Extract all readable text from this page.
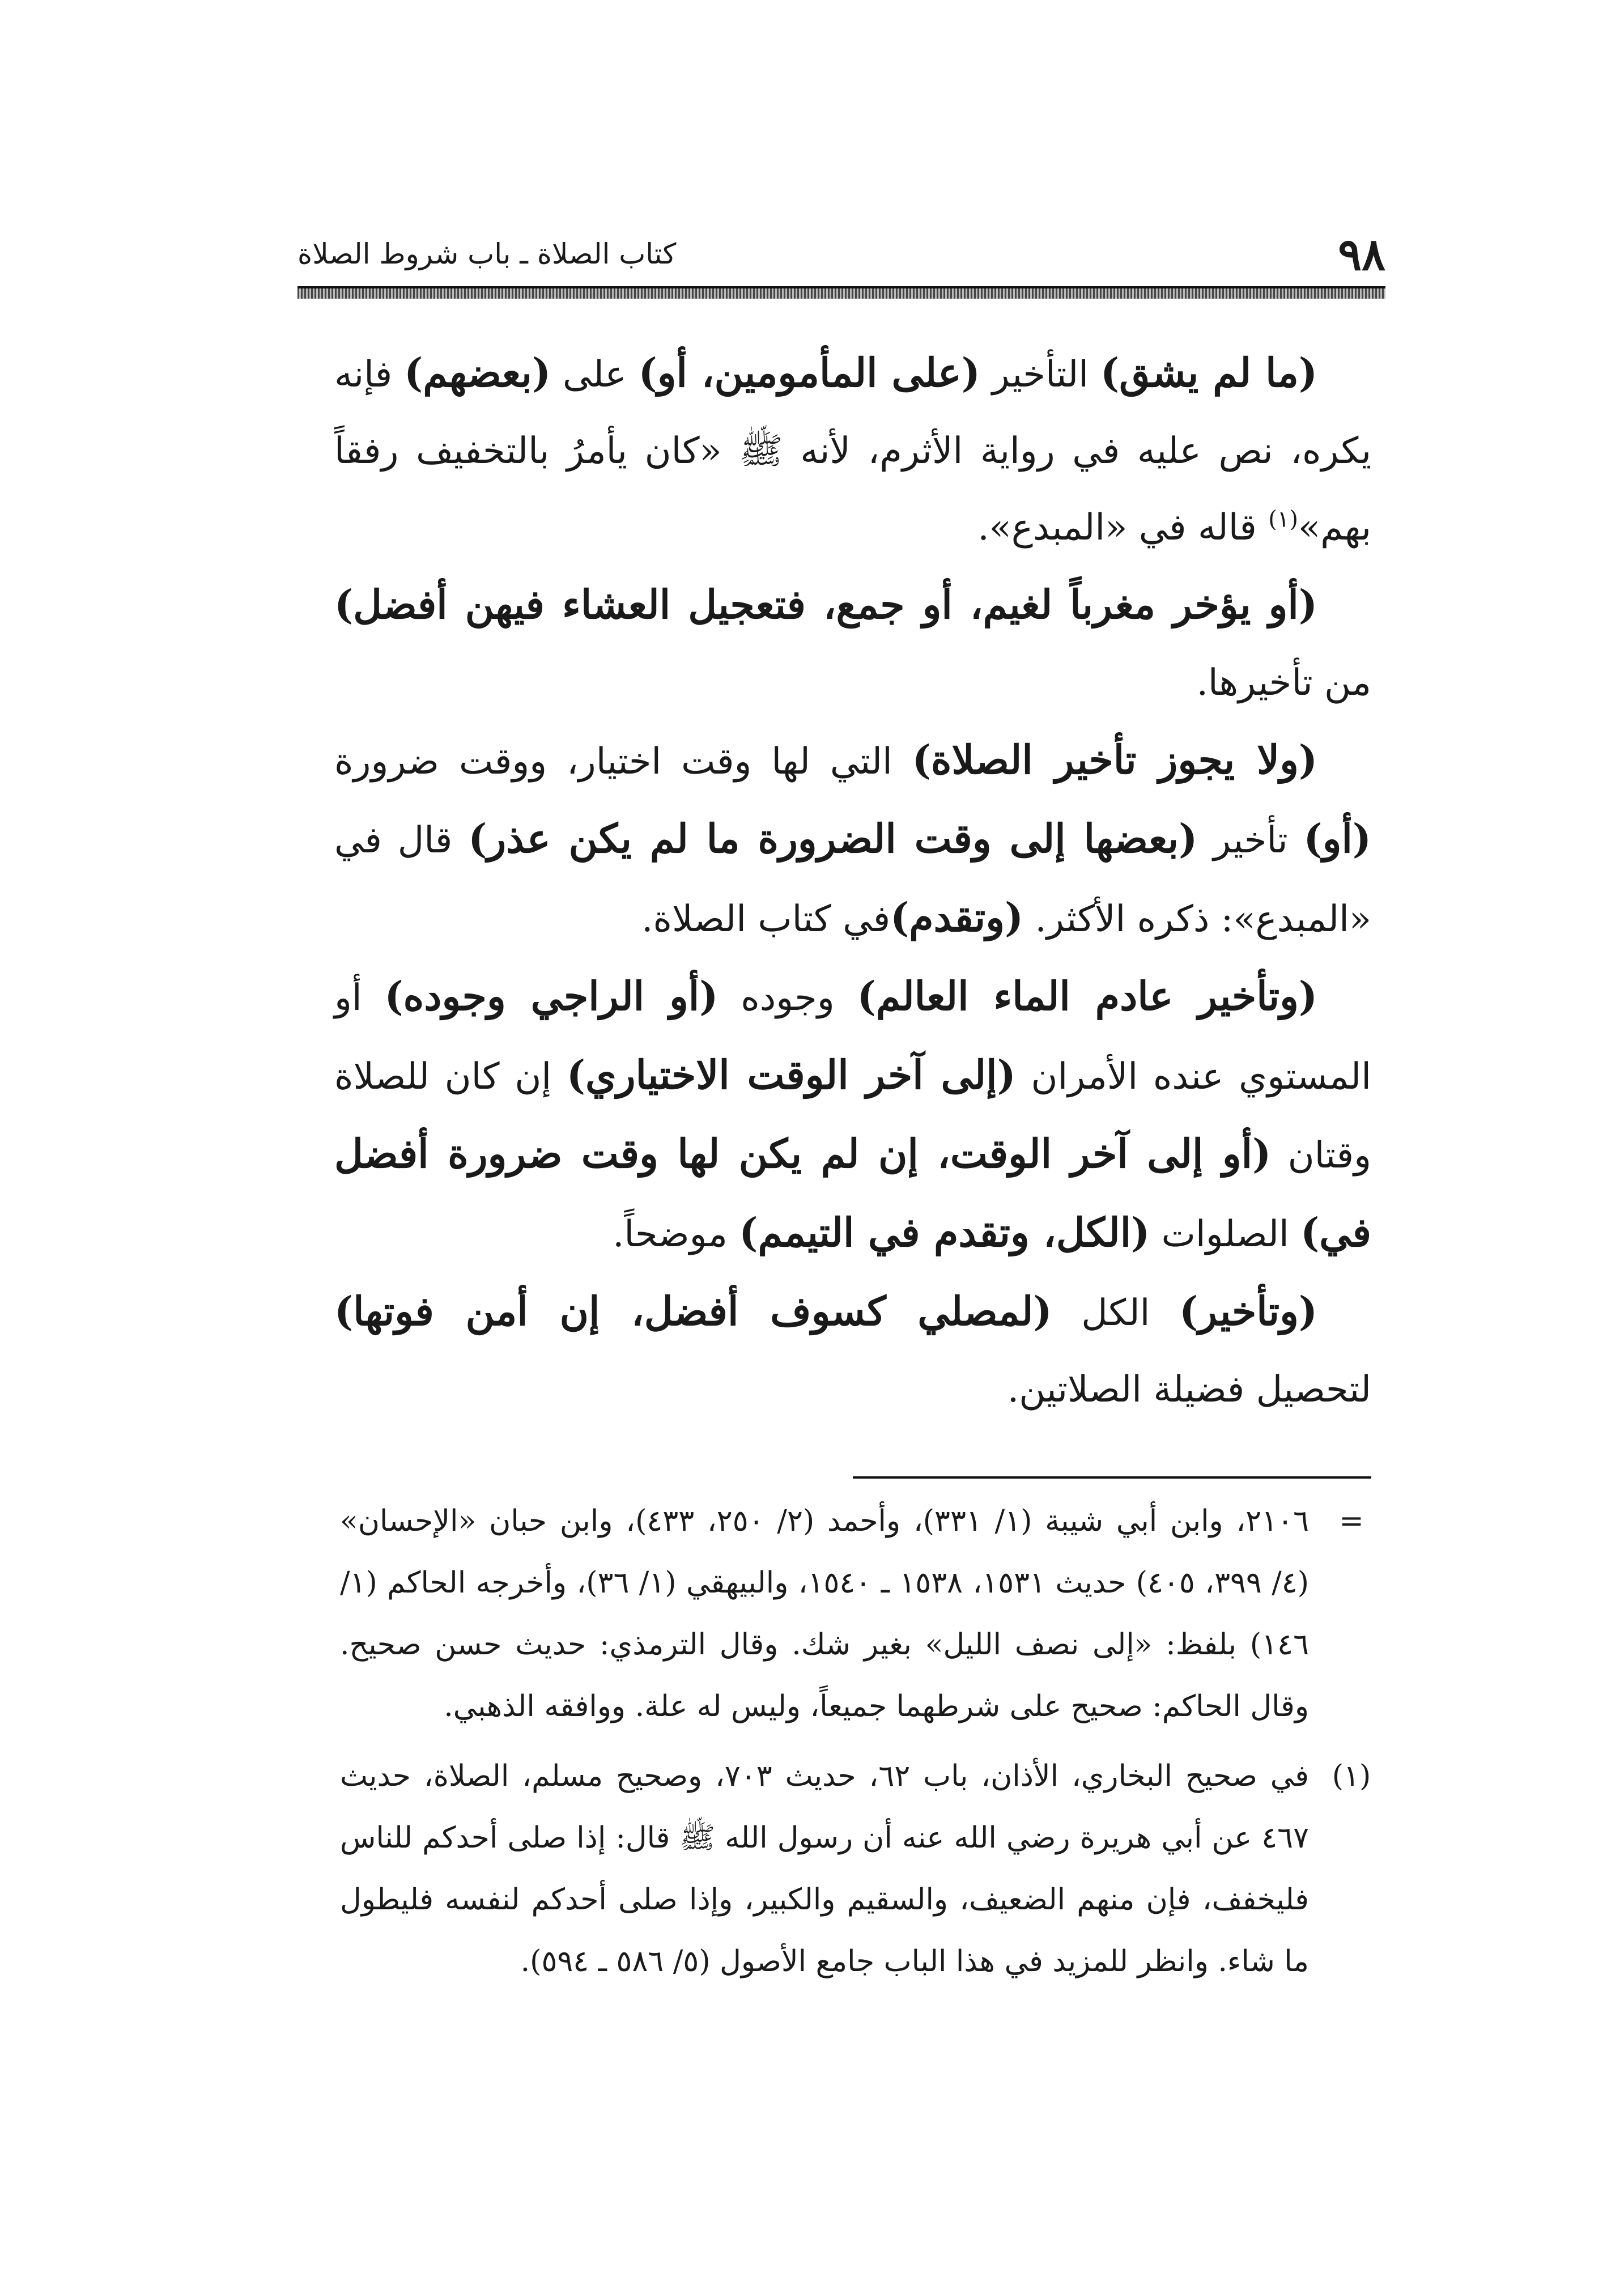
٩٨
كتاب الصلاة ـ باب شروط الصلاة

(ما لم يشق) التأخير (على المأمومين، أو) على (بعضهم) فإنه يكره، نص عليه في رواية الأثرم، لأنه ﷺ «كان يأمرُ بالتخفيف رفقاً بهم»$^{(١)}$ قاله في «المبدع».

(أو يؤخر مغرباً لغيم، أو جمع، فتعجيل العشاء فيهن أفضل) من تأخيرها.

(ولا يجوز تأخير الصلاة) التي لها وقت اختيار، ووقت ضرورة (أو) تأخير (بعضها إلى وقت الضرورة ما لم يكن عذر) قال في «المبدع»: ذكره الأكثر. (وتقدم)في كتاب الصلاة.

(وتأخير عادم الماء العالم) وجوده (أو الراجي وجوده) أو المستوي عنده الأمران (إلى آخر الوقت الاختياري) إن كان للصلاة وقتان (أو إلى آخر الوقت، إن لم يكن لها وقت ضرورة أفضل في) الصلوات (الكل، وتقدم في التيمم) موضحاً.

(وتأخير) الكل (لمصلي كسوف أفضل، إن أمن فوتها) لتحصيل فضيلة الصلاتين.

=
٢١٠٦، وابن أبي شيبة (١/ ٣٣١)، وأحمد (٢/ ٢٥٠، ٤٣٣)، وابن حبان «الإحسان» (٤/ ٣٩٩، ٤٠٥) حديث ١٥٣١، ١٥٣٨ ـ ١٥٤٠، والبيهقي (١/ ٣٦)، وأخرجه الحاكم (١/ ١٤٦) بلفظ: «إلى نصف الليل» بغير شك. وقال الترمذي: حديث حسن صحيح. وقال الحاكم: صحيح على شرطهما جميعاً، وليس له علة. ووافقه الذهبي.
(١)
في صحيح البخاري، الأذان، باب ٦٢، حديث ٧٠٣، وصحيح مسلم، الصلاة، حديث ٤٦٧ عن أبي هريرة رضي الله عنه أن رسول الله ﷺ قال: إذا صلى أحدكم للناس فليخفف، فإن منهم الضعيف، والسقيم والكبير، وإذا صلى أحدكم لنفسه فليطول ما شاء. وانظر للمزيد في هذا الباب جامع الأصول (٥/ ٥٨٦ ـ ٥٩٤).
